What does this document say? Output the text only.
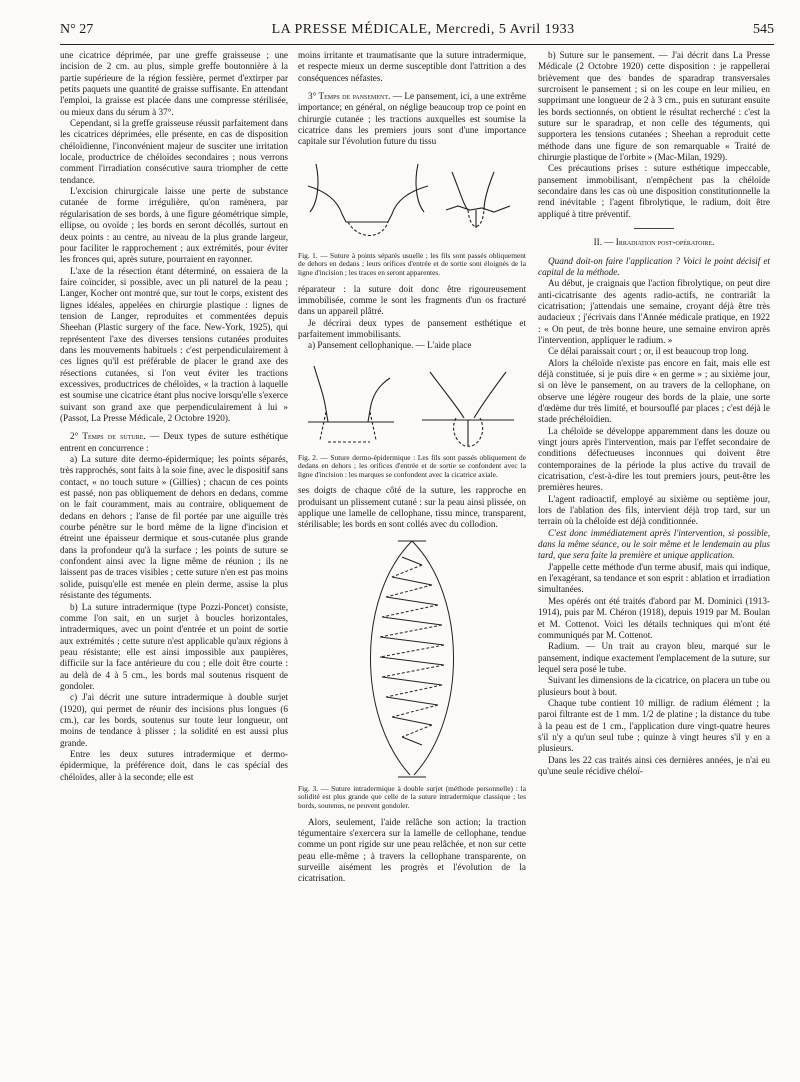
N° 27	LA PRESSE MÉDICALE, Mercredi, 5 Avril 1933	545

une cicatrice déprimée, par une greffe graisseuse ; une incision de 2 cm. au plus, simple greffe boutonnière à la partie supérieure de la région fessière, permet d'extirper par petits paquets une quantité de graisse suffisante. En attendant l'emploi, la graisse est placée dans une compresse stérilisée, ou mieux dans du sérum à 37°.

Cependant, si la greffe graisseuse réussit parfaitement dans les cicatrices déprimées, elle présente, en cas de disposition chéloïdienne, l'inconvénient majeur de susciter une irritation locale, productrice de chéloïdes secondaires ; nous verrons comment l'irradiation consécutive saura triompher de cette tendance.

L'excision chirurgicale laisse une perte de substance cutanée de forme irrégulière, qu'on ramènera, par régularisation de ses bords, à une figure géométrique simple, ellipse, ou ovoïde ; les bords en seront décollés, surtout en deux points : au centre, au niveau de la plus grande largeur, pour faciliter le rapprochement ; aux extrémités, pour éviter les fronces qui, après suture, pourraient en rayonner.

L'axe de la résection étant déterminé, on essaiera de la faire coïncider, si possible, avec un pli naturel de la peau ; Langer, Kocher ont montré que, sur tout le corps, existent des lignes idéales, appelées en chirurgie plastique : lignes de tension de Langer, reproduites et commentées depuis Sheehan (Plastic surgery of the face. New-York, 1925), qui représentent l'axe des diverses tensions cutanées produites dans les mouvements habituels : c'est perpendiculairement à ces lignes qu'il est préférable de placer le grand axe des résections cutanées, si l'on veut éviter les tractions excessives, productrices de chéloïdes, « la traction à laquelle est soumise une cicatrice étant plus nocive lorsqu'elle s'exerce suivant son grand axe que perpendiculairement à lui » (Passot, La Presse Médicale, 2 Octobre 1920).

2° Temps de suture. — Deux types de suture esthétique entrent en concurrence :

a) La suture dite dermo-épidermique; les points séparés, très rapprochés, sont faits à la soie fine, avec le dispositif sans contact, « no touch suture » (Gillies) ; chacun de ces points est passé, non pas obliquement de dehors en dedans, comme on le fait couramment, mais au contraire, obliquement de dedans en dehors ; l'anse de fil portée par une aiguille très courbe pénètre sur le bord même de la ligne d'incision et étreint une épaisseur dermique et sous-cutanée plus grande dans la profondeur qu'à la surface ; les points de suture se confondent ainsi avec la ligne même de réunion ; ils ne laissent pas de traces visibles ; cette suture n'en est pas moins solide, puisqu'elle est menée en plein derme, assise la plus résistante des téguments.

b) La suture intradermique (type Pozzi-Poncet) consiste, comme l'on sait, en un surjet à boucles horizontales, intradermiques, avec un point d'entrée et un point de sortie aux extrémités ; cette suture n'est applicable qu'aux régions à peau résistante; elle est ainsi impossible aux paupières, difficile sur la face antérieure du cou ; elle doit être courte : au delà de 4 à 5 cm., les bords mal soutenus risquent de gondoler.

c) J'ai décrit une suture intradermique à double surjet (1920), qui permet de réunir des incisions plus longues (6 cm.), car les bords, soutenus sur toute leur longueur, ont moins de tendance à plisser ; la solidité en est aussi plus grande.

Entre les deux sutures intradermique et dermo-épidermique, la préférence doit, dans le cas spécial des chéloïdes, aller à la seconde; elle est

moins irritante et traumatisante que la suture intradermique, et respecte mieux un derme susceptible dont l'attrition a des conséquences néfastes.

3° Temps de pansement. — Le pansement, ici, a une extrême importance; en général, on néglige beaucoup trop ce point en chirurgie cutanée ; les tractions auxquelles est soumise la cicatrice dans les premiers jours sont d'une importance capitale sur l'évolution future du tissu

Fig. 1. — Suture à points séparés usuelle ; les fils sont passés obliquement de dehors en dedans ; leurs orifices d'entrée et de sortie sont éloignés de la ligne d'incision ; les traces en seront apparentes.

réparateur : la suture doit donc être rigoureusement immobilisée, comme le sont les fragments d'un os fracturé dans un appareil plâtré.

Je décrirai deux types de pansement esthétique et parfaitement immobilisants.

a) Pansement cellophanique. — L'aide place

Fig. 2. — Suture dermo-épidermique : Les fils sont passés obliquement de dedans en dehors ; les orifices d'entrée et de sortie se confondent avec la ligne d'incision : les marques se confondent avec la cicatrice axiale.

ses doigts de chaque côté de la suture, les rapproche en produisant un plissement cutané : sur la peau ainsi plissée, on applique une lamelle de cellophane, tissu mince, transparent, stérilisable; les bords en sont collés avec du collodion.

Fig. 3. — Suture intradermique à double surjet (méthode personnelle) : la solidité est plus grande que celle de la suture intradermique classique ; les bords, soutenus, ne peuvent gondoler.

Alors, seulement, l'aide relâche son action; la traction tégumentaire s'exercera sur la lamelle de cellophane, tendue comme un pont rigide sur une peau relâchée, et non sur cette peau elle-même ; à travers la cellophane transparente, on surveille aisément les progrès et l'évolution de la cicatrisation.

b) Suture sur le pansement. — J'ai décrit dans La Presse Médicale (2 Octobre 1920) cette disposition : je rappellerai brièvement que des bandes de sparadrap transversales surcroisent le pansement ; si on les coupe en leur milieu, en supprimant une longueur de 2 à 3 cm., puis en suturant ensuite les bords sectionnés, on obtient le résultat recherché : c'est la suture sur le sparadrap, et non celle des téguments, qui supportera les tensions cutanées ; Sheehan a reproduit cette méthode dans une figure de son remarquable « Traité de chirurgie plastique de l'orbite » (Mac-Milan, 1929).

Ces précautions prises : suture esthétique impeccable, pansement immobilisant, n'empêchent pas la chéloïde secondaire dans les cas où une disposition constitutionnelle la rend inévitable ; l'agent fibrolytique, le radium, doit être appliqué à titre préventif.

II. — Irradiation post-opératoire.

Quand doit-on faire l'application ? Voici le point décisif et capital de la méthode.

Au début, je craignais que l'action fibrolytique, on peut dire anti-cicatrisante des agents radio-actifs, ne contrariât la cicatrisation; j'attendais une semaine, croyant déjà être très audacieux ; j'écrivais dans l'Année médicale pratique, en 1922 : « On peut, de très bonne heure, une semaine environ après l'intervention, appliquer le radium. »

Ce délai paraissait court ; or, il est beaucoup trop long.

Alors la chéloïde n'existe pas encore en fait, mais elle est déjà constituée, si je puis dire « en germe » ; au sixième jour, si on lève le pansement, on au travers de la cellophane, on observe une légère rougeur des bords de la plaie, une sorte d'œdème dur très limité, et boursouflé par places ; c'est déjà le stade préchéloïdien.

La chéloïde se développe apparemment dans les douze ou vingt jours après l'intervention, mais par l'effet secondaire de conditions défectueuses inconnues qui doivent être contemporaines de la période la plus active du travail de cicatrisation, c'est-à-dire les tout premiers jours, peut-être les premières heures.

L'agent radioactif, employé au sixième ou septième jour, lors de l'ablation des fils, intervient déjà trop tard, sur un terrain où la chéloïde est déjà conditionnée.

C'est donc immédiatement après l'intervention, si possible, dans la même séance, ou le soir même et le lendemain au plus tard, que sera faite la première et unique application.

J'appelle cette méthode d'un terme abusif, mais qui indique, en l'exagérant, sa tendance et son esprit : ablation et irradiation simultanées.

Mes opérés ont été traités d'abord par M. Dominici (1913-1914), puis par M. Chéron (1918), depuis 1919 par M. Boulan et M. Cottenot. Voici les détails techniques qui m'ont été communiqués par M. Cottenot.

Radium. — Un trait au crayon bleu, marqué sur le pansement, indique exactement l'emplacement de la suture, sur lequel sera posé le tube.

Suivant les dimensions de la cicatrice, on placera un tube ou plusieurs bout à bout.

Chaque tube contient 10 milligr. de radium élément ; la paroi filtrante est de 1 mm. 1/2 de platine ; la distance du tube à la peau est de 1 cm., l'application dure vingt-quatre heures s'il n'y a qu'un seul tube ; quinze à vingt heures s'il y en a plusieurs.

Dans les 22 cas traités ainsi ces dernières années, je n'ai eu qu'une seule récidive chéloï-
